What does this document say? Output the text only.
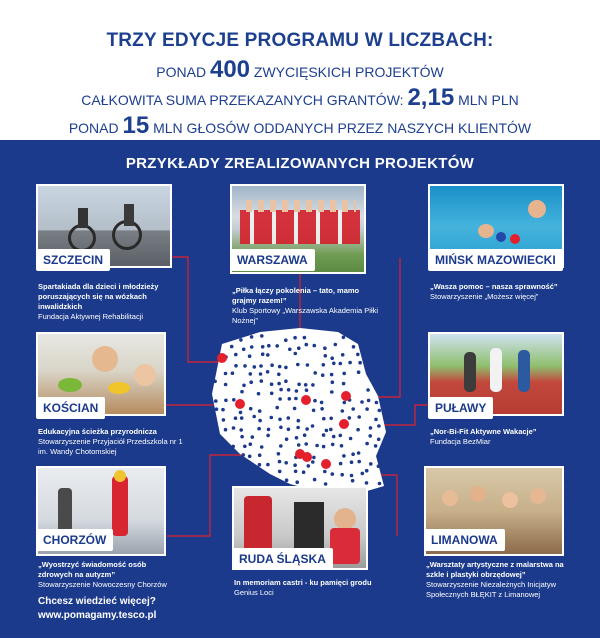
TRZY EDYCJE PROGRAMU W LICZBACH:
PONAD 400 ZWYCIĘSKICH PROJEKTÓW
CAŁKOWITA SUMA PRZEKAZANYCH GRANTÓW: 2,15 MLN PLN
PONAD 15 MLN GŁOSÓW ODDANYCH PRZEZ NASZYCH KLIENTÓW
PRZYKŁADY ZREALIZOWANYCH PROJEKTÓW
SZCZECIN	WARSZAWA	MIŃSK MAZOWIECKI
KOŚCIAN	PUŁAWY
CHORZÓW
RUDA ŚLĄSKA
LIMANOWA
Spartakiada dla dzieci i młodzieży poruszających się na wózkach inwalidzkich
Fundacja Aktywnej Rehabilitacji
„Piłka łączy pokolenia – tato, mamo grajmy razem!”
Klub Sportowy „Warszawska Akademia Piłki Nożnej”
„Wasza pomoc – nasza sprawność”
Stowarzyszenie „Możesz więcej”
Edukacyjna ścieżka przyrodnicza
Stowarzyszenie Przyjaciół Przedszkola nr 1 im. Wandy Chotomskiej
„Nor-Bi-Fit Aktywne Wakacje”
Fundacja BezMiar
„Wyostrzyć świadomość osób zdrowych na autyzm”
Stowarzyszenie Nowoczesny Chorzów	In memoriam castri - ku pamięci grodu
Genius Loci
„Warsztaty artystyczne z malarstwa na szkle i plastyki obrzędowej”
Stowarzyszenie Niezależnych Inicjatyw Społecznych BŁĘKIT z Limanowej
Chcesz wiedzieć więcej?
www.pomagamy.tesco.pl
